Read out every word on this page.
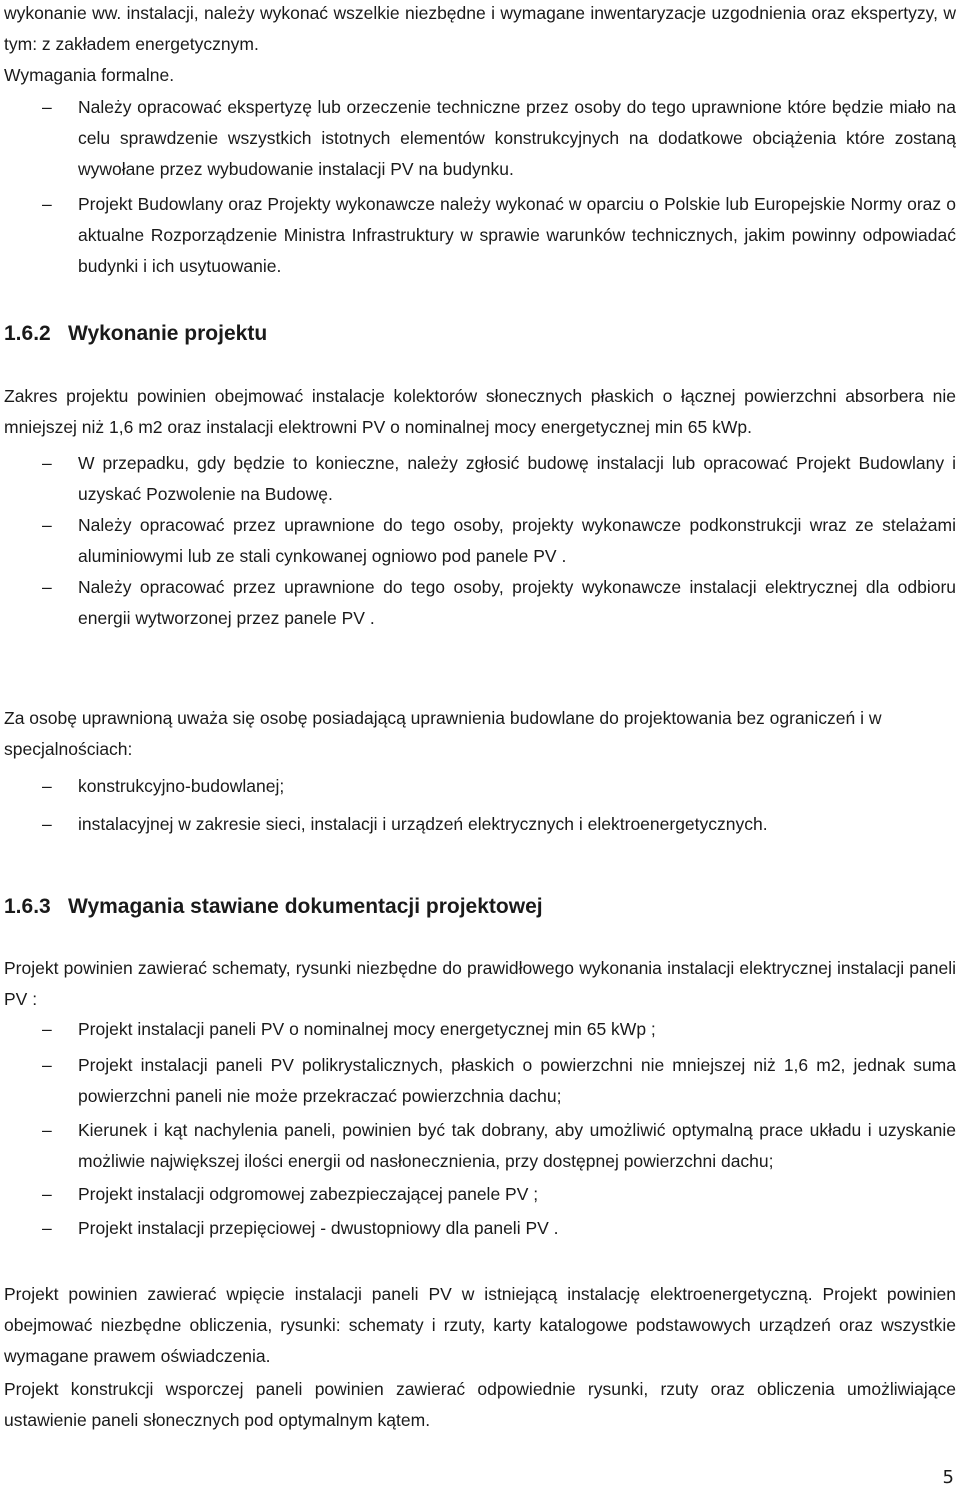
wykonanie ww. instalacji, należy wykonać wszelkie niezbędne i wymagane inwentaryzacje uzgodnienia oraz ekspertyzy, w tym: z zakładem energetycznym.
Wymagania formalne.
– Należy opracować ekspertyzę lub orzeczenie techniczne przez osoby do tego uprawnione które będzie miało na celu sprawdzenie wszystkich istotnych elementów konstrukcyjnych na dodatkowe obciążenia które zostaną wywołane przez wybudowanie instalacji PV na budynku.
– Projekt Budowlany oraz Projekty wykonawcze należy wykonać w oparciu o Polskie lub Europejskie Normy oraz o aktualne Rozporządzenie Ministra Infrastruktury w sprawie warunków technicznych, jakim powinny odpowiadać budynki i ich usytuowanie.
1.6.2 Wykonanie projektu
Zakres projektu powinien obejmować instalacje kolektorów słonecznych płaskich o łącznej powierzchni absorbera nie mniejszej niż 1,6 m2 oraz instalacji elektrowni PV o nominalnej mocy energetycznej min 65 kWp.
– W przepadku, gdy będzie to konieczne, należy zgłosić budowę instalacji lub opracować Projekt Budowlany i uzyskać Pozwolenie na Budowę.
– Należy opracować przez uprawnione do tego osoby, projekty wykonawcze podkonstrukcji wraz ze stelażami aluminiowymi lub ze stali cynkowanej ogniowo pod panele PV .
– Należy opracować przez uprawnione do tego osoby, projekty wykonawcze instalacji elektrycznej dla odbioru energii wytworzonej przez panele PV .
Za osobę uprawnioną uważa się osobę posiadającą uprawnienia budowlane do projektowania bez ograniczeń i w specjalnościach:
– konstrukcyjno-budowlanej;
– instalacyjnej w zakresie sieci, instalacji i urządzeń elektrycznych i elektroenergetycznych.
1.6.3 Wymagania stawiane dokumentacji projektowej
Projekt powinien zawierać schematy, rysunki niezbędne do prawidłowego wykonania instalacji elektrycznej instalacji paneli PV :
– Projekt instalacji paneli PV o nominalnej mocy energetycznej min 65 kWp ;
– Projekt instalacji paneli PV polikrystalicznych, płaskich o powierzchni nie mniejszej niż 1,6 m2, jednak suma powierzchni paneli nie może przekraczać powierzchnia dachu;
– Kierunek i kąt nachylenia paneli, powinien być tak dobrany, aby umożliwić optymalną prace układu i uzyskanie możliwie największej ilości energii od nasłonecznienia, przy dostępnej powierzchni dachu;
– Projekt instalacji odgromowej zabezpieczającej panele PV ;
– Projekt instalacji przepięciowej - dwustopniowy dla paneli PV .
Projekt powinien zawierać wpięcie instalacji paneli PV w istniejącą instalację elektroenergetyczną. Projekt powinien obejmować niezbędne obliczenia, rysunki: schematy i rzuty, karty katalogowe podstawowych urządzeń oraz wszystkie wymagane prawem oświadczenia.
Projekt konstrukcji wsporczej paneli powinien zawierać odpowiednie rysunki, rzuty oraz obliczenia umożliwiające ustawienie paneli słonecznych pod optymalnym kątem.
5
